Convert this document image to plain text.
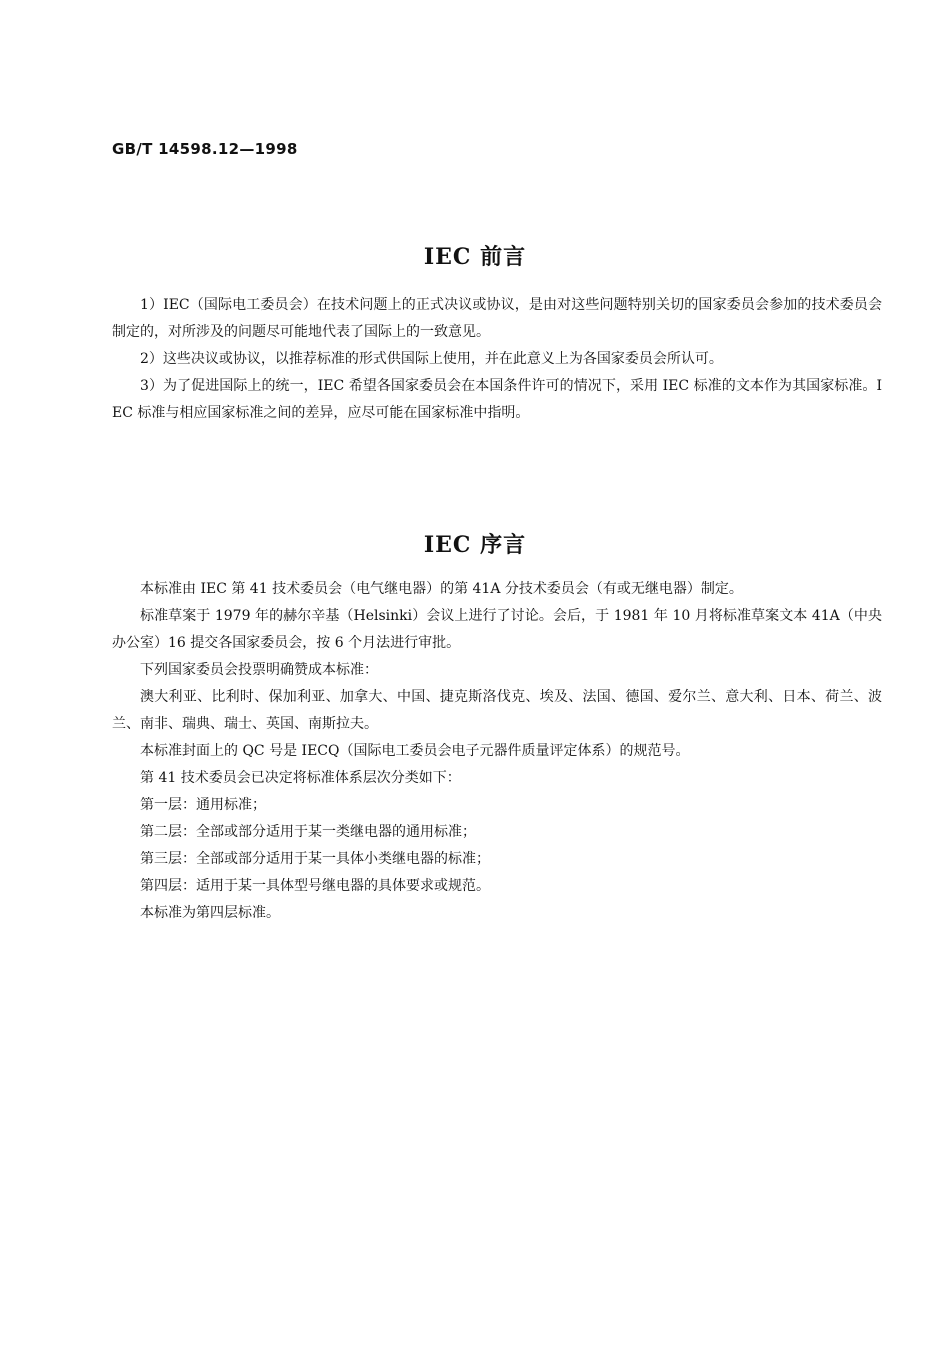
GB/T 14598.12—1998
IEC 前言

1）IEC（国际电工委员会）在技术问题上的正式决议或协议，是由对这些问题特别关切的国家委员会参加的技术委员会制定的，对所涉及的问题尽可能地代表了国际上的一致意见。

2）这些决议或协议，以推荐标准的形式供国际上使用，并在此意义上为各国家委员会所认可。

3）为了促进国际上的统一，IEC 希望各国家委员会在本国条件许可的情况下，采用 IEC 标准的文本作为其国家标准。IEC 标准与相应国家标准之间的差异，应尽可能在国家标准中指明。

IEC 序言

本标准由 IEC 第 41 技术委员会（电气继电器）的第 41A 分技术委员会（有或无继电器）制定。

标准草案于 1979 年的赫尔辛基（Helsinki）会议上进行了讨论。会后，于 1981 年 10 月将标准草案文本 41A（中央办公室）16 提交各国家委员会，按 6 个月法进行审批。

下列国家委员会投票明确赞成本标准：

澳大利亚、比利时、保加利亚、加拿大、中国、捷克斯洛伐克、埃及、法国、德国、爱尔兰、意大利、日本、荷兰、波兰、南非、瑞典、瑞士、英国、南斯拉夫。

本标准封面上的 QC 号是 IECQ（国际电工委员会电子元器件质量评定体系）的规范号。

第 41 技术委员会已决定将标准体系层次分类如下：

第一层：通用标准；

第二层：全部或部分适用于某一类继电器的通用标准；

第三层：全部或部分适用于某一具体小类继电器的标准；

第四层：适用于某一具体型号继电器的具体要求或规范。

本标准为第四层标准。
